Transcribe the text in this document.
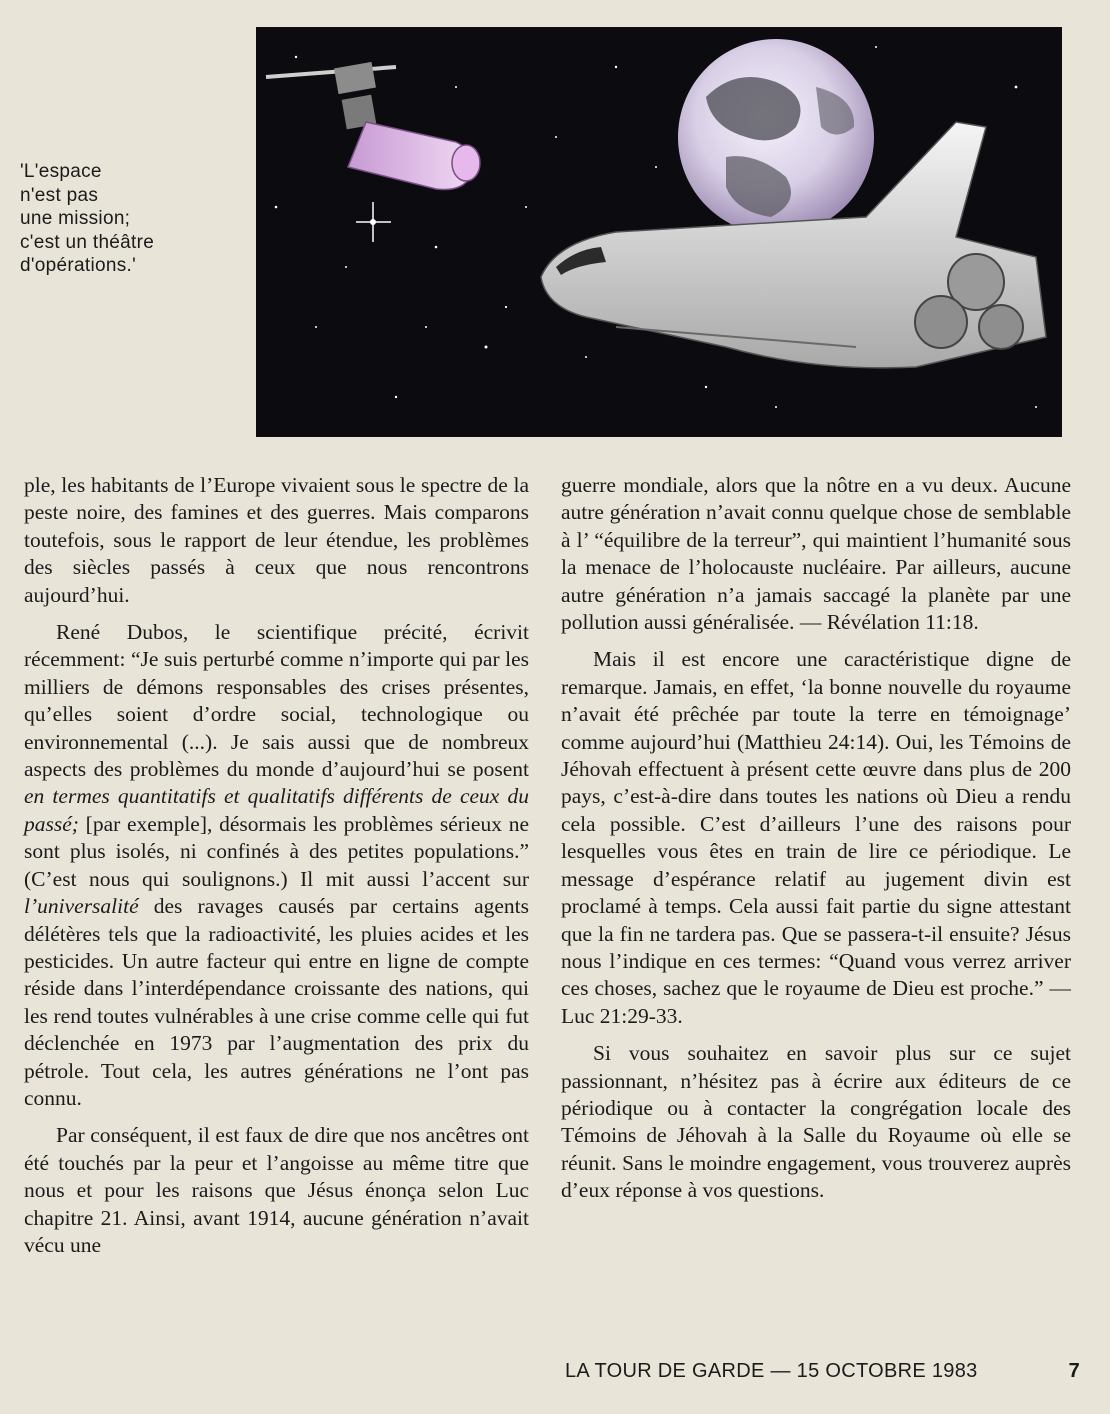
'L'espace
n'est pas
une mission;
c'est un théâtre
d'opérations.'

ple, les habitants de l’Europe vivaient sous le spectre de la peste noire, des famines et des guerres. Mais comparons toutefois, sous le rapport de leur étendue, les problèmes des siècles passés à ceux que nous rencontrons aujourd’hui.

René Dubos, le scientifique précité, écrivit récemment: “Je suis perturbé comme n’importe qui par les milliers de démons responsables des crises présentes, qu’elles soient d’ordre social, technologique ou environnemental (...). Je sais aussi que de nombreux aspects des problèmes du monde d’aujourd’hui se posent en termes quantitatifs et qualitatifs différents de ceux du passé; [par exemple], désormais les problèmes sérieux ne sont plus isolés, ni confinés à des petites populations.” (C’est nous qui soulignons.) Il mit aussi l’accent sur l’universalité des ravages causés par certains agents délétères tels que la radioactivité, les pluies acides et les pesticides. Un autre facteur qui entre en ligne de compte réside dans l’interdépendance croissante des nations, qui les rend toutes vulnérables à une crise comme celle qui fut déclenchée en 1973 par l’augmentation des prix du pétrole. Tout cela, les autres générations ne l’ont pas connu.

Par conséquent, il est faux de dire que nos ancêtres ont été touchés par la peur et l’angoisse au même titre que nous et pour les raisons que Jésus énonça selon Luc chapitre 21. Ainsi, avant 1914, aucune génération n’avait vécu une

guerre mondiale, alors que la nôtre en a vu deux. Aucune autre génération n’avait connu quelque chose de semblable à l’ “équilibre de la terreur”, qui maintient l’humanité sous la menace de l’holocauste nucléaire. Par ailleurs, aucune autre génération n’a jamais saccagé la planète par une pollution aussi généralisée. — Révélation 11:18.

Mais il est encore une caractéristique digne de remarque. Jamais, en effet, ‘la bonne nouvelle du royaume n’avait été prêchée par toute la terre en témoignage’ comme aujourd’hui (Matthieu 24:14). Oui, les Témoins de Jéhovah effectuent à présent cette œuvre dans plus de 200 pays, c’est-à-dire dans toutes les nations où Dieu a rendu cela possible. C’est d’ailleurs l’une des raisons pour lesquelles vous êtes en train de lire ce périodique. Le message d’espérance relatif au jugement divin est proclamé à temps. Cela aussi fait partie du signe attestant que la fin ne tardera pas. Que se passera-t-il ensuite? Jésus nous l’indique en ces termes: “Quand vous verrez arriver ces choses, sachez que le royaume de Dieu est proche.” — Luc 21:29-33.

Si vous souhaitez en savoir plus sur ce sujet passionnant, n’hésitez pas à écrire aux éditeurs de ce périodique ou à contacter la congrégation locale des Témoins de Jéhovah à la Salle du Royaume où elle se réunit. Sans le moindre engagement, vous trouverez auprès d’eux réponse à vos questions.

LA TOUR DE GARDE — 15 OCTOBRE 1983	7
